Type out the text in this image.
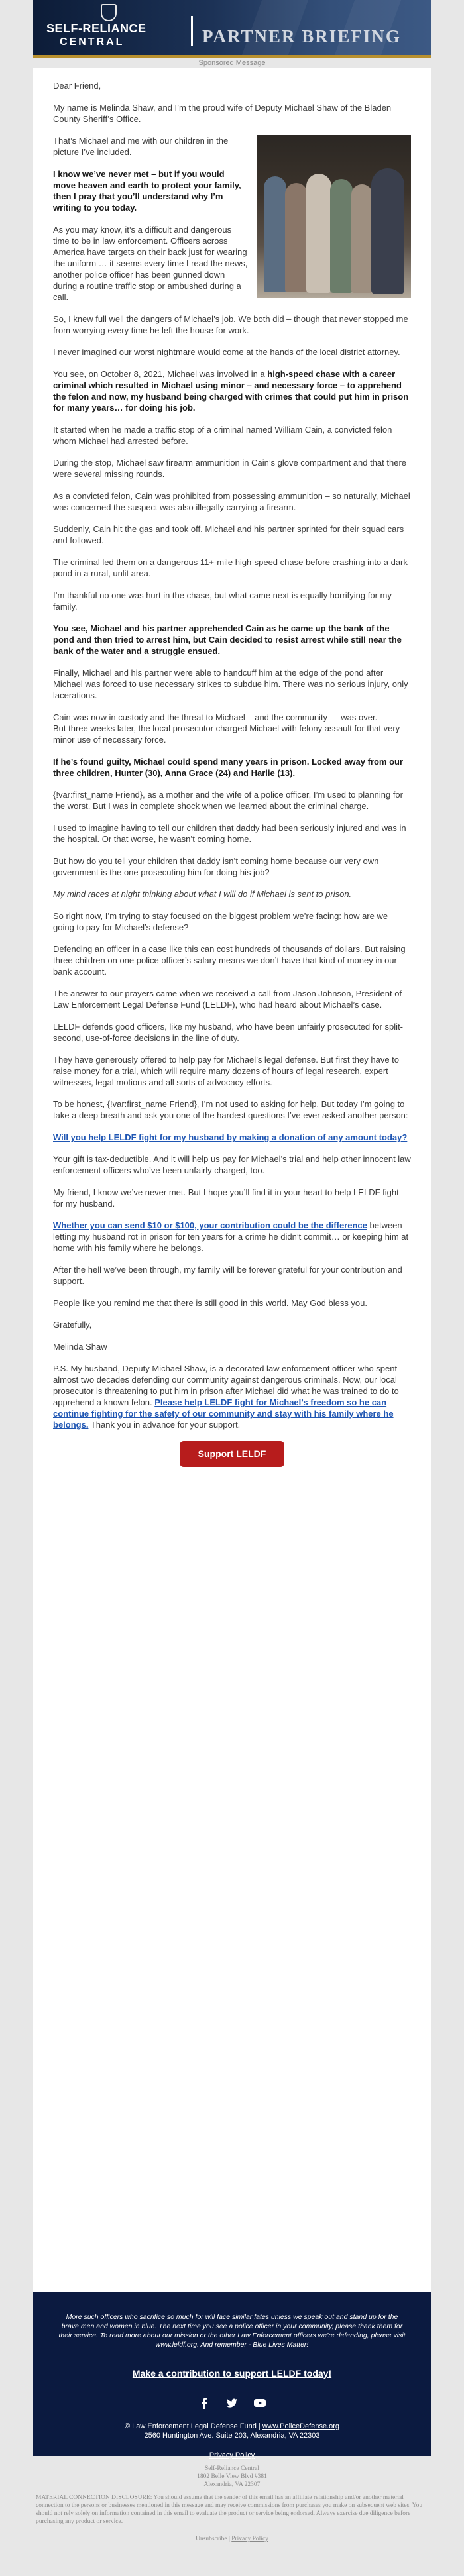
SELF-RELIANCE
CENTRAL	PARTNER BRIEFING
Sponsored Message

Dear Friend,

My name is Melinda Shaw, and I’m the proud wife of Deputy Michael Shaw of the Bladen County Sheriff’s Office.

That’s Michael and me with our children in the picture I’ve included.

I know we’ve never met – but if you would move heaven and earth to protect your family, then I pray that you’ll understand why I’m writing to you today.

As you may know, it’s a difficult and dangerous time to be in law enforcement. Officers across America have targets on their back just for wearing the uniform … it seems every time I read the news, another police officer has been gunned down during a routine traffic stop or ambushed during a call.

So, I knew full well the dangers of Michael’s job. We both did – though that never stopped me from worrying every time he left the house for work.

I never imagined our worst nightmare would come at the hands of the local district attorney.

You see, on October 8, 2021, Michael was involved in a high-speed chase with a career criminal which resulted in Michael using minor – and necessary force – to apprehend the felon and now, my husband being charged with crimes that could put him in prison for many years… for doing his job.

It started when he made a traffic stop of a criminal named William Cain, a convicted felon whom Michael had arrested before.

During the stop, Michael saw firearm ammunition in Cain’s glove compartment and that there were several missing rounds.

As a convicted felon, Cain was prohibited from possessing ammunition – so naturally, Michael was concerned the suspect was also illegally carrying a firearm.

Suddenly, Cain hit the gas and took off. Michael and his partner sprinted for their squad cars and followed.

The criminal led them on a dangerous 11+-mile high-speed chase before crashing into a dark pond in a rural, unlit area.

I’m thankful no one was hurt in the chase, but what came next is equally horrifying for my family.

You see, Michael and his partner apprehended Cain as he came up the bank of the pond and then tried to arrest him, but Cain decided to resist arrest while still near the bank of the water and a struggle ensued.

Finally, Michael and his partner were able to handcuff him at the edge of the pond after Michael was forced to use necessary strikes to subdue him. There was no serious injury, only lacerations.

Cain was now in custody and the threat to Michael – and the community — was over.
But three weeks later, the local prosecutor charged Michael with felony assault for that very minor use of necessary force.

If he’s found guilty, Michael could spend many years in prison. Locked away from our three children, Hunter (30), Anna Grace (24) and Harlie (13).

{!var:first_name Friend}, as a mother and the wife of a police officer, I’m used to planning for the worst. But I was in complete shock when we learned about the criminal charge.

I used to imagine having to tell our children that daddy had been seriously injured and was in the hospital. Or that worse, he wasn’t coming home.

But how do you tell your children that daddy isn’t coming home because our very own government is the one prosecuting him for doing his job?

My mind races at night thinking about what I will do if Michael is sent to prison.

So right now, I’m trying to stay focused on the biggest problem we’re facing: how are we going to pay for Michael’s defense?

Defending an officer in a case like this can cost hundreds of thousands of dollars. But raising three children on one police officer’s salary means we don’t have that kind of money in our bank account.

The answer to our prayers came when we received a call from Jason Johnson, President of Law Enforcement Legal Defense Fund (LELDF), who had heard about Michael’s case.

LELDF defends good officers, like my husband, who have been unfairly prosecuted for split-second, use-of-force decisions in the line of duty.

They have generously offered to help pay for Michael’s legal defense. But first they have to raise money for a trial, which will require many dozens of hours of legal research, expert witnesses, legal motions and all sorts of advocacy efforts.

To be honest, {!var:first_name Friend}, I’m not used to asking for help. But today I’m going to take a deep breath and ask you one of the hardest questions I’ve ever asked another person:

Will you help LELDF fight for my husband by making a donation of any amount today?

Your gift is tax-deductible. And it will help us pay for Michael’s trial and help other innocent law enforcement officers who’ve been unfairly charged, too.

My friend, I know we’ve never met. But I hope you’ll find it in your heart to help LELDF fight for my husband.

Whether you can send $10 or $100, your contribution could be the difference between letting my husband rot in prison for ten years for a crime he didn’t commit… or keeping him at home with his family where he belongs.

After the hell we’ve been through, my family will be forever grateful for your contribution and support.

People like you remind me that there is still good in this world. May God bless you.

Gratefully,

Melinda Shaw

P.S. My husband, Deputy Michael Shaw, is a decorated law enforcement officer who spent almost two decades defending our community against dangerous criminals. Now, our local prosecutor is threatening to put him in prison after Michael did what he was trained to do to apprehend a known felon. Please help LELDF fight for Michael’s freedom so he can continue fighting for the safety of our community and stay with his family where he belongs. Thank you in advance for your support.

Support LELDF

More such officers who sacrifice so much for will face similar fates unless we speak out and stand up for the brave men and women in blue. The next time you see a police officer in your community, please thank them for their service. To read more about our mission or the other Law Enforcement officers we’re defending, please visit www.leldf.org. And remember - Blue Lives Matter!

Make a contribution to support LELDF today!

© Law Enforcement Legal Defense Fund | www.PoliceDefense.org
2560 Huntington Ave. Suite 203, Alexandria, VA 22303
Privacy Policy
Self-Reliance Central
1802 Belle View Blvd #381
Alexandria, VA 22307
MATERIAL CONNECTION DISCLOSURE: You should assume that the sender of this email has an affiliate relationship and/or another material connection to the persons or businesses mentioned in this message and may receive commissions from purchases you make on subsequent web sites. You should not rely solely on information contained in this email to evaluate the product or service being endorsed. Always exercise due diligence before purchasing any product or service.
Unsubscribe | Privacy Policy
